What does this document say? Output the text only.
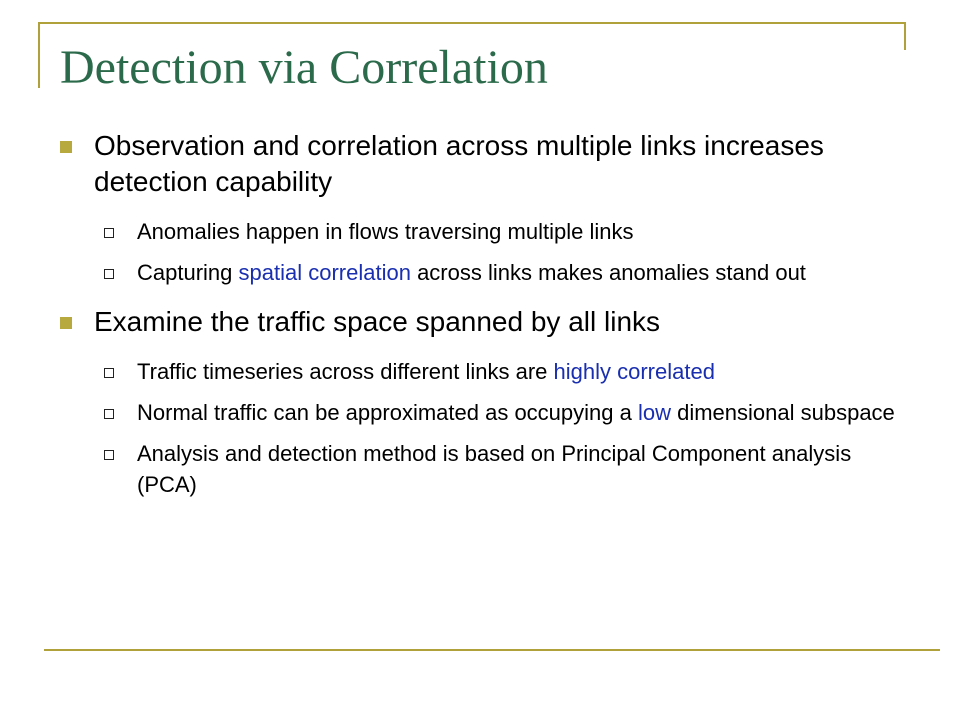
Detection via Correlation
Observation and correlation across multiple links increases detection capability
Anomalies happen in flows traversing multiple links
Capturing spatial correlation across links makes anomalies stand out
Examine the traffic space spanned by all links
Traffic timeseries across different links are highly correlated
Normal traffic can be approximated as occupying a low dimensional subspace
Analysis and detection method is based on Principal Component analysis (PCA)
